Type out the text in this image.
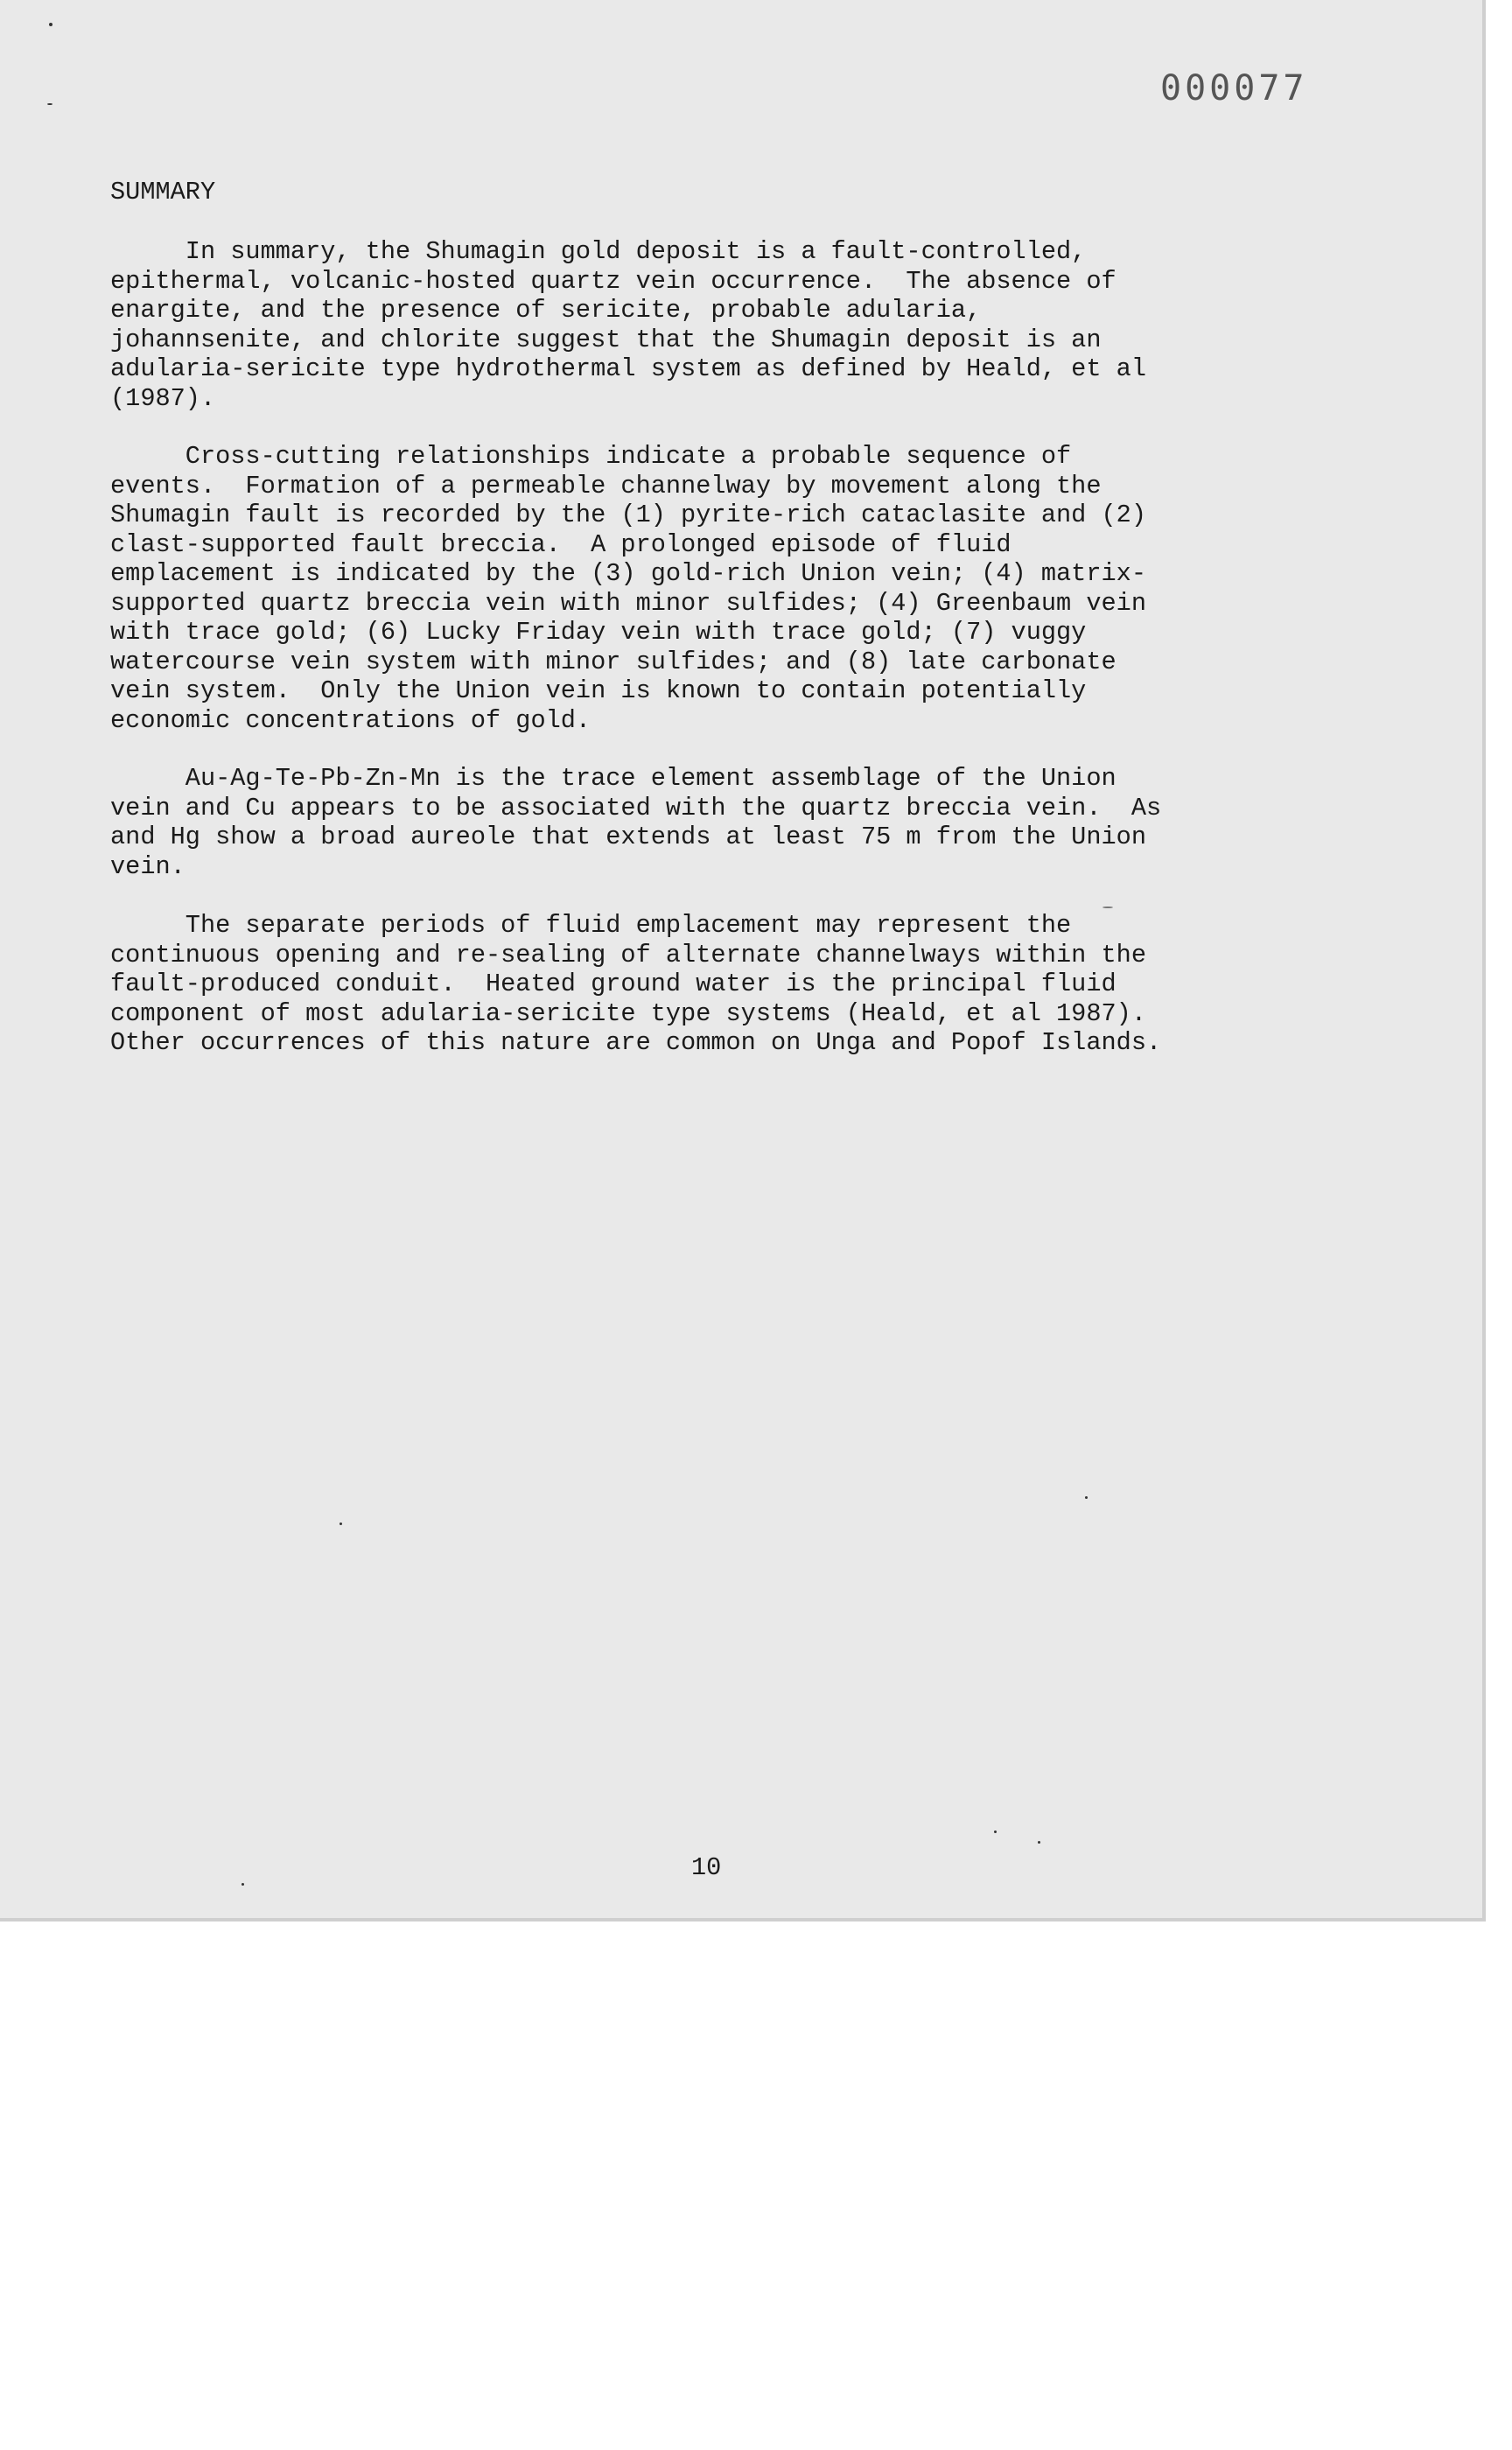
000077

SUMMARY

In summary, the Shumagin gold deposit is a fault-controlled,
epithermal, volcanic-hosted quartz vein occurrence.  The absence of
enargite, and the presence of sericite, probable adularia,
johannsenite, and chlorite suggest that the Shumagin deposit is an
adularia-sericite type hydrothermal system as defined by Heald, et al
(1987).

Cross-cutting relationships indicate a probable sequence of
events.  Formation of a permeable channelway by movement along the
Shumagin fault is recorded by the (1) pyrite-rich cataclasite and (2)
clast-supported fault breccia.  A prolonged episode of fluid
emplacement is indicated by the (3) gold-rich Union vein; (4) matrix-
supported quartz breccia vein with minor sulfides; (4) Greenbaum vein
with trace gold; (6) Lucky Friday vein with trace gold; (7) vuggy
watercourse vein system with minor sulfides; and (8) late carbonate
vein system.  Only the Union vein is known to contain potentially
economic concentrations of gold.

Au-Ag-Te-Pb-Zn-Mn is the trace element assemblage of the Union
vein and Cu appears to be associated with the quartz breccia vein.  As
and Hg show a broad aureole that extends at least 75 m from the Union
vein.

The separate periods of fluid emplacement may represent the
continuous opening and re-sealing of alternate channelways within the
fault-produced conduit.  Heated ground water is the principal fluid
component of most adularia-sericite type systems (Heald, et al 1987).
Other occurrences of this nature are common on Unga and Popof Islands.

10
